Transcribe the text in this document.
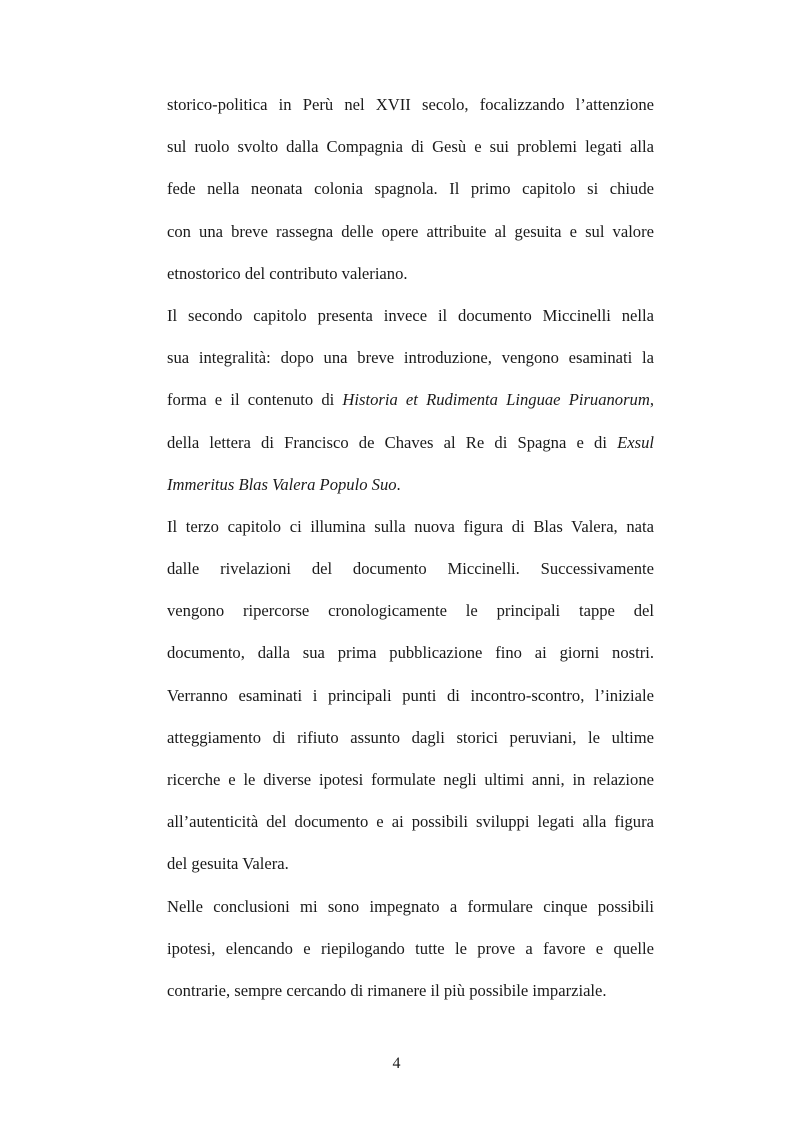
storico-politica in Perù nel XVII secolo, focalizzando l’attenzione
sul ruolo svolto dalla Compagnia di Gesù e sui problemi legati alla
fede nella neonata colonia spagnola. Il primo capitolo si chiude
con una breve rassegna delle opere attribuite al gesuita e sul valore
etnostorico del contributo valeriano.
Il secondo capitolo presenta invece il documento Miccinelli nella
sua integralità: dopo una breve introduzione, vengono esaminati la
forma e il contenuto di Historia et Rudimenta Linguae Piruanorum,
della lettera di Francisco de Chaves al Re di Spagna e di Exsul
Immeritus Blas Valera Populo Suo.
Il terzo capitolo ci illumina sulla nuova figura di Blas Valera, nata
dalle rivelazioni del documento Miccinelli. Successivamente
vengono ripercorse cronologicamente le principali tappe del
documento, dalla sua prima pubblicazione fino ai giorni nostri.
Verranno esaminati i principali punti di incontro-scontro, l’iniziale
atteggiamento di rifiuto assunto dagli storici peruviani, le ultime
ricerche e le diverse ipotesi formulate negli ultimi anni, in relazione
all’autenticità del documento e ai possibili sviluppi legati alla figura
del gesuita Valera.
Nelle conclusioni mi sono impegnato a formulare cinque possibili
ipotesi, elencando e riepilogando tutte le prove a favore e quelle
contrarie, sempre cercando di rimanere il più possibile imparziale.
4
